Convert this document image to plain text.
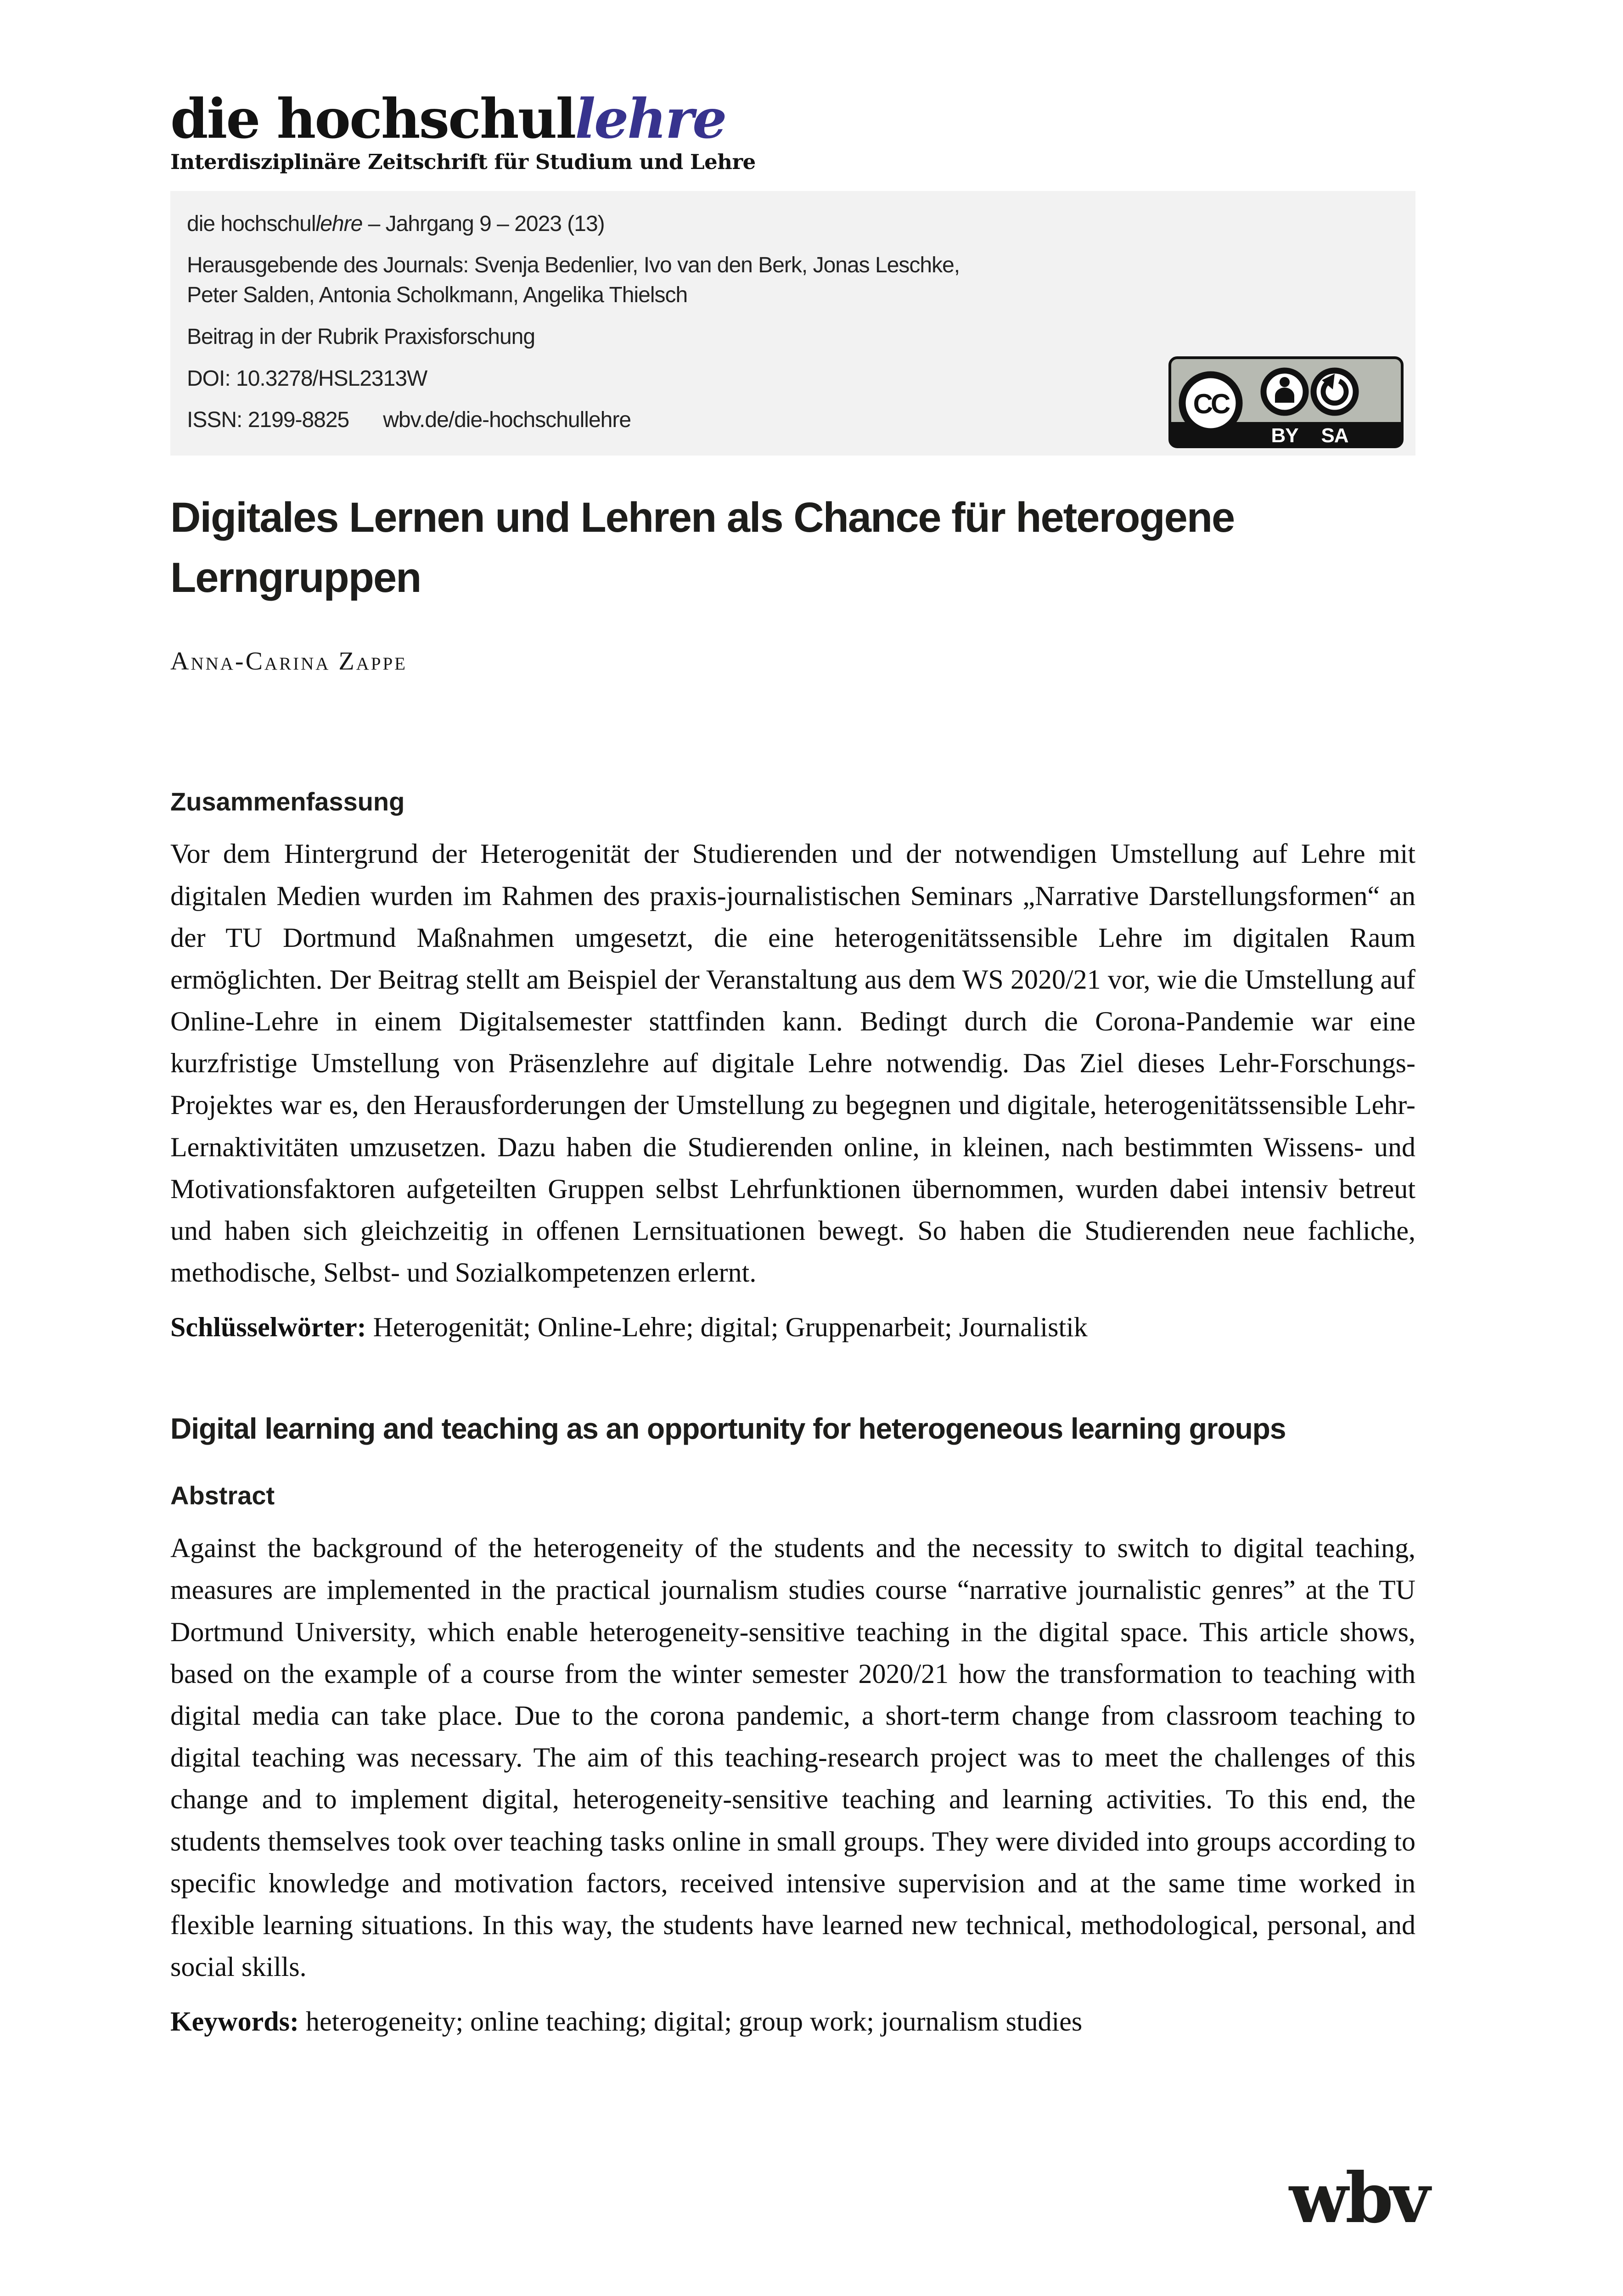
die hochschullehre
Interdisziplinäre Zeitschrift für Studium und Lehre
die hochschullehre – Jahrgang 9 – 2023 (13)
Herausgebende des Journals: Svenja Bedenlier, Ivo van den Berk, Jonas Leschke,
Peter Salden, Antonia Scholkmann, Angelika Thielsch
Beitrag in der Rubrik Praxisforschung
DOI: 10.3278/HSL2313W
ISSN: 2199-8825 wbv.de/die-hochschullehre
CC
BY SA
Digitales Lernen und Lehren als Chance für heterogene Lerngruppen
Anna-Carina Zappe
Zusammenfassung

Vor dem Hintergrund der Heterogenität der Studierenden und der notwendigen Umstellung auf Lehre mit digitalen Medien wurden im Rahmen des praxis-journalistischen Seminars „Narrative Darstellungsformen“ an der TU Dortmund Maßnahmen umgesetzt, die eine heterogenitätssensible Lehre im digitalen Raum ermöglichten. Der Beitrag stellt am Beispiel der Veranstaltung aus dem WS 2020/21 vor, wie die Umstellung auf Online-Lehre in einem Digitalsemester stattfinden kann. Bedingt durch die Corona-Pandemie war eine kurzfristige Umstellung von Präsenzlehre auf digitale Lehre notwendig. Das Ziel dieses Lehr-Forschungs-Projektes war es, den Herausforderungen der Umstellung zu begegnen und digitale, heterogenitätssensible Lehr-Lernaktivitäten umzusetzen. Dazu haben die Studierenden online, in kleinen, nach bestimmten Wissens- und Motivationsfaktoren aufgeteilten Gruppen selbst Lehrfunktionen übernommen, wurden dabei intensiv betreut und haben sich gleichzeitig in offenen Lernsituationen bewegt. So haben die Studierenden neue fachliche, methodische, Selbst- und Sozialkompetenzen erlernt.

Schlüsselwörter: Heterogenität; Online-Lehre; digital; Gruppenarbeit; Journalistik

Digital learning and teaching as an opportunity for heterogeneous learning groups
Abstract

Against the background of the heterogeneity of the students and the necessity to switch to digital teaching, measures are implemented in the practical journalism studies course “narrative journalistic genres” at the TU Dortmund University, which enable heterogeneity-sensitive teaching in the digital space. This article shows, based on the example of a course from the winter semester 2020/21 how the transformation to teaching with digital media can take place. Due to the corona pandemic, a short-term change from classroom teaching to digital teaching was necessary. The aim of this teaching-research project was to meet the challenges of this change and to implement digital, heterogeneity-sensitive teaching and learning activities. To this end, the students themselves took over teaching tasks online in small groups. They were divided into groups according to specific knowledge and motivation factors, received intensive supervision and at the same time worked in flexible learning situations. In this way, the students have learned new technical, methodological, personal, and social skills.

Keywords: heterogeneity; online teaching; digital; group work; journalism studies

wbv
